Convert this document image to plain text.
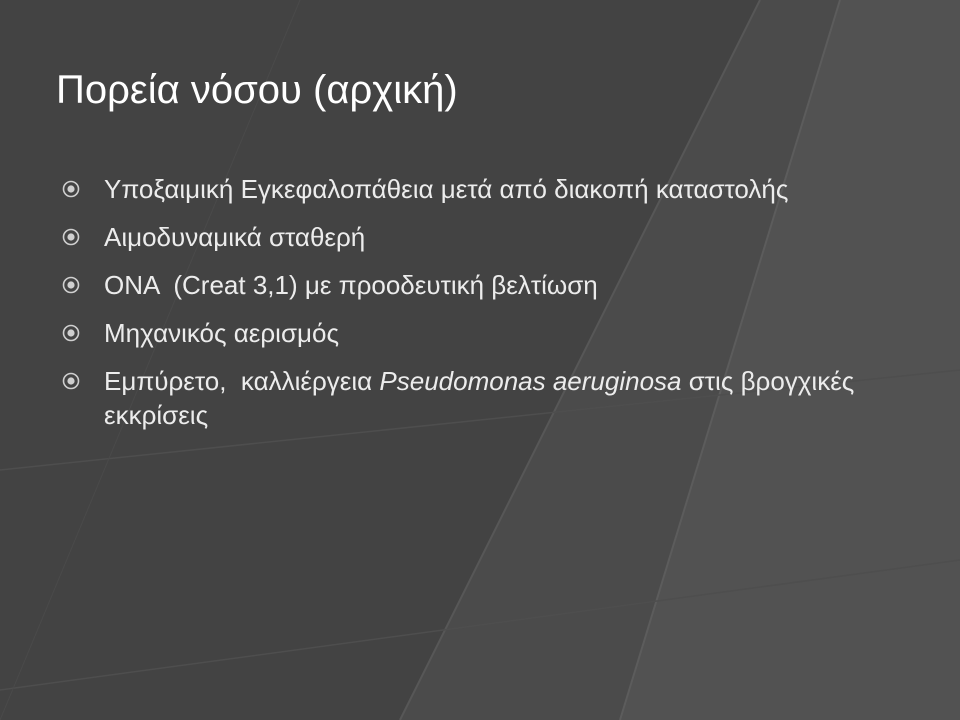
Πορεία νόσου (αρχική)
Υποξαιμική Εγκεφαλοπάθεια μετά από διακοπή καταστολής
Αιμοδυναμικά σταθερή
ΟΝΑ  (Creat 3,1) με προοδευτική βελτίωση
Μηχανικός αερισμός
Εμπύρετο,  καλλιέργεια Pseudomonas aeruginosa στις βρογχικές εκκρίσεις
